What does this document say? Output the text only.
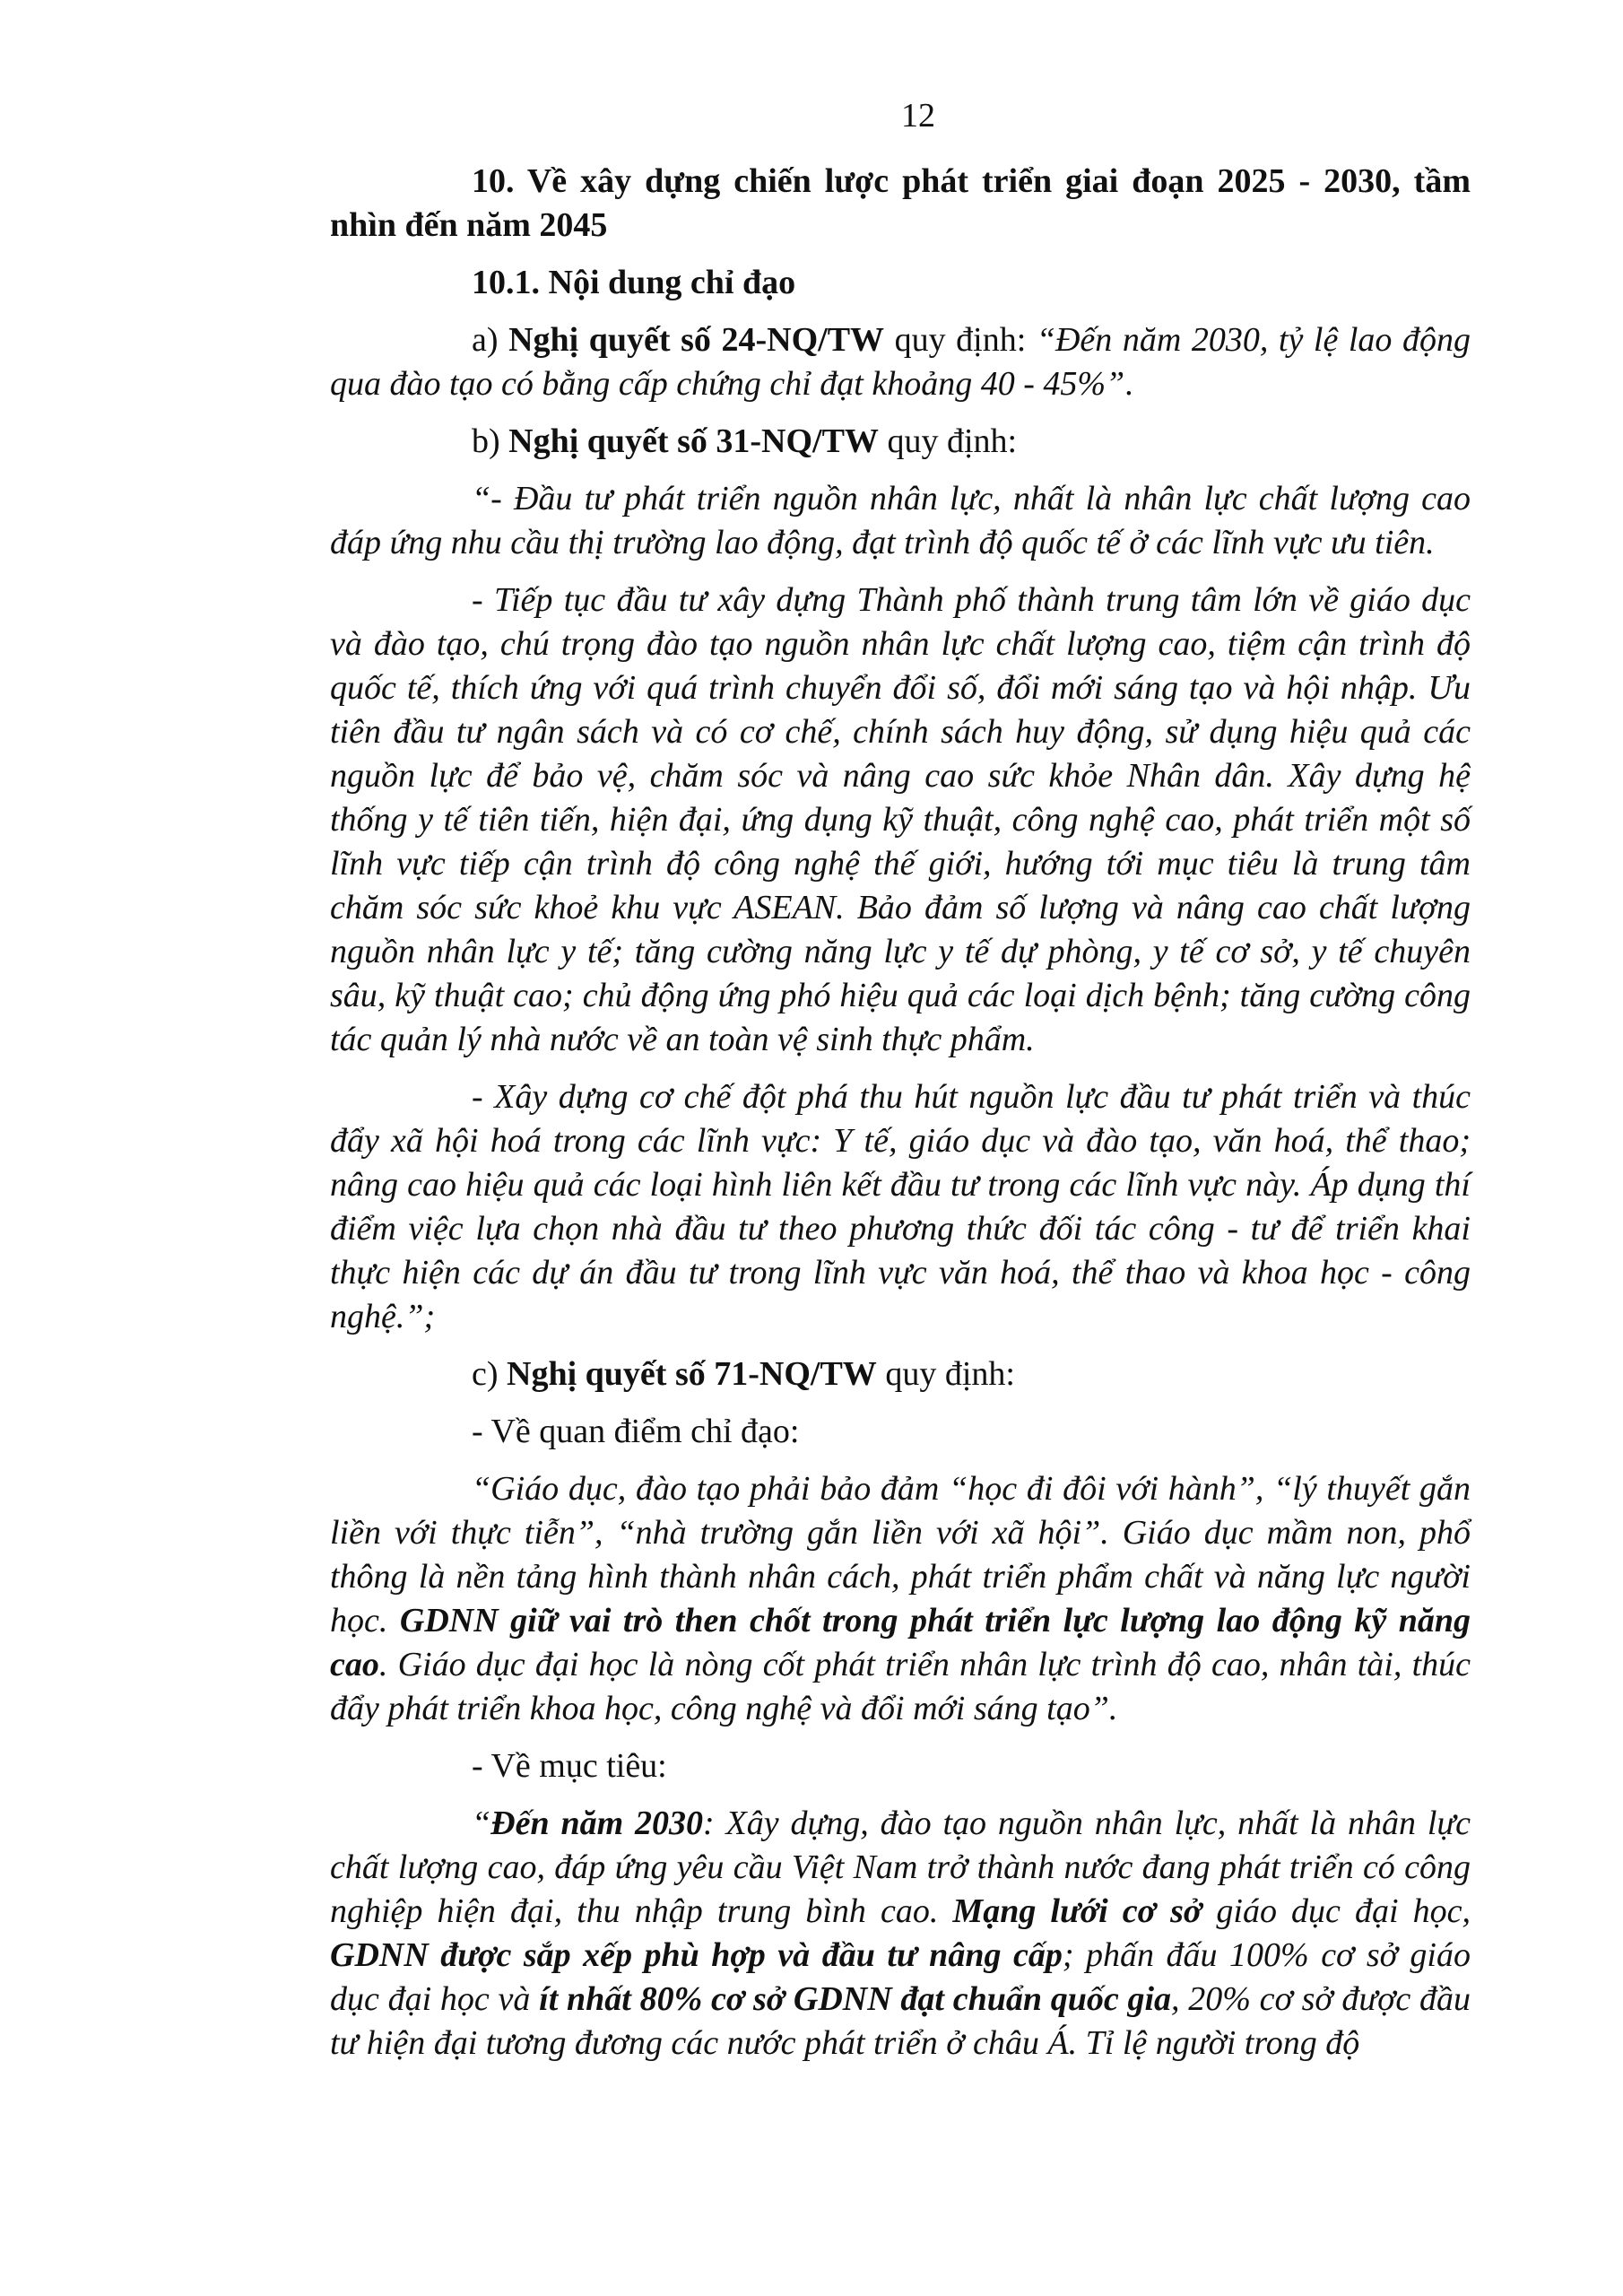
12

10. Về xây dựng chiến lược phát triển giai đoạn 2025 - 2030, tầm nhìn đến năm 2045

10.1. Nội dung chỉ đạo

a) Nghị quyết số 24-NQ/TW quy định: “Đến năm 2030, tỷ lệ lao động qua đào tạo có bằng cấp chứng chỉ đạt khoảng 40 - 45%”.

b) Nghị quyết số 31-NQ/TW quy định:

“- Đầu tư phát triển nguồn nhân lực, nhất là nhân lực chất lượng cao đáp ứng nhu cầu thị trường lao động, đạt trình độ quốc tế ở các lĩnh vực ưu tiên.

- Tiếp tục đầu tư xây dựng Thành phố thành trung tâm lớn về giáo dục và đào tạo, chú trọng đào tạo nguồn nhân lực chất lượng cao, tiệm cận trình độ quốc tế, thích ứng với quá trình chuyển đổi số, đổi mới sáng tạo và hội nhập. Ưu tiên đầu tư ngân sách và có cơ chế, chính sách huy động, sử dụng hiệu quả các nguồn lực để bảo vệ, chăm sóc và nâng cao sức khỏe Nhân dân. Xây dựng hệ thống y tế tiên tiến, hiện đại, ứng dụng kỹ thuật, công nghệ cao, phát triển một số lĩnh vực tiếp cận trình độ công nghệ thế giới, hướng tới mục tiêu là trung tâm chăm sóc sức khoẻ khu vực ASEAN. Bảo đảm số lượng và nâng cao chất lượng nguồn nhân lực y tế; tăng cường năng lực y tế dự phòng, y tế cơ sở, y tế chuyên sâu, kỹ thuật cao; chủ động ứng phó hiệu quả các loại dịch bệnh; tăng cường công tác quản lý nhà nước về an toàn vệ sinh thực phẩm.

- Xây dựng cơ chế đột phá thu hút nguồn lực đầu tư phát triển và thúc đẩy xã hội hoá trong các lĩnh vực: Y tế, giáo dục và đào tạo, văn hoá, thể thao; nâng cao hiệu quả các loại hình liên kết đầu tư trong các lĩnh vực này. Áp dụng thí điểm việc lựa chọn nhà đầu tư theo phương thức đối tác công - tư để triển khai thực hiện các dự án đầu tư trong lĩnh vực văn hoá, thể thao và khoa học - công nghệ.”;

c) Nghị quyết số 71-NQ/TW quy định:

- Về quan điểm chỉ đạo:

“Giáo dục, đào tạo phải bảo đảm “học đi đôi với hành”, “lý thuyết gắn liền với thực tiễn”, “nhà trường gắn liền với xã hội”. Giáo dục mầm non, phổ thông là nền tảng hình thành nhân cách, phát triển phẩm chất và năng lực người học. GDNN giữ vai trò then chốt trong phát triển lực lượng lao động kỹ năng cao. Giáo dục đại học là nòng cốt phát triển nhân lực trình độ cao, nhân tài, thúc đẩy phát triển khoa học, công nghệ và đổi mới sáng tạo”.

- Về mục tiêu:

“Đến năm 2030: Xây dựng, đào tạo nguồn nhân lực, nhất là nhân lực chất lượng cao, đáp ứng yêu cầu Việt Nam trở thành nước đang phát triển có công nghiệp hiện đại, thu nhập trung bình cao. Mạng lưới cơ sở giáo dục đại học, GDNN được sắp xếp phù hợp và đầu tư nâng cấp; phấn đấu 100% cơ sở giáo dục đại học và ít nhất 80% cơ sở GDNN đạt chuẩn quốc gia, 20% cơ sở được đầu tư hiện đại tương đương các nước phát triển ở châu Á. Tỉ lệ người trong độ
